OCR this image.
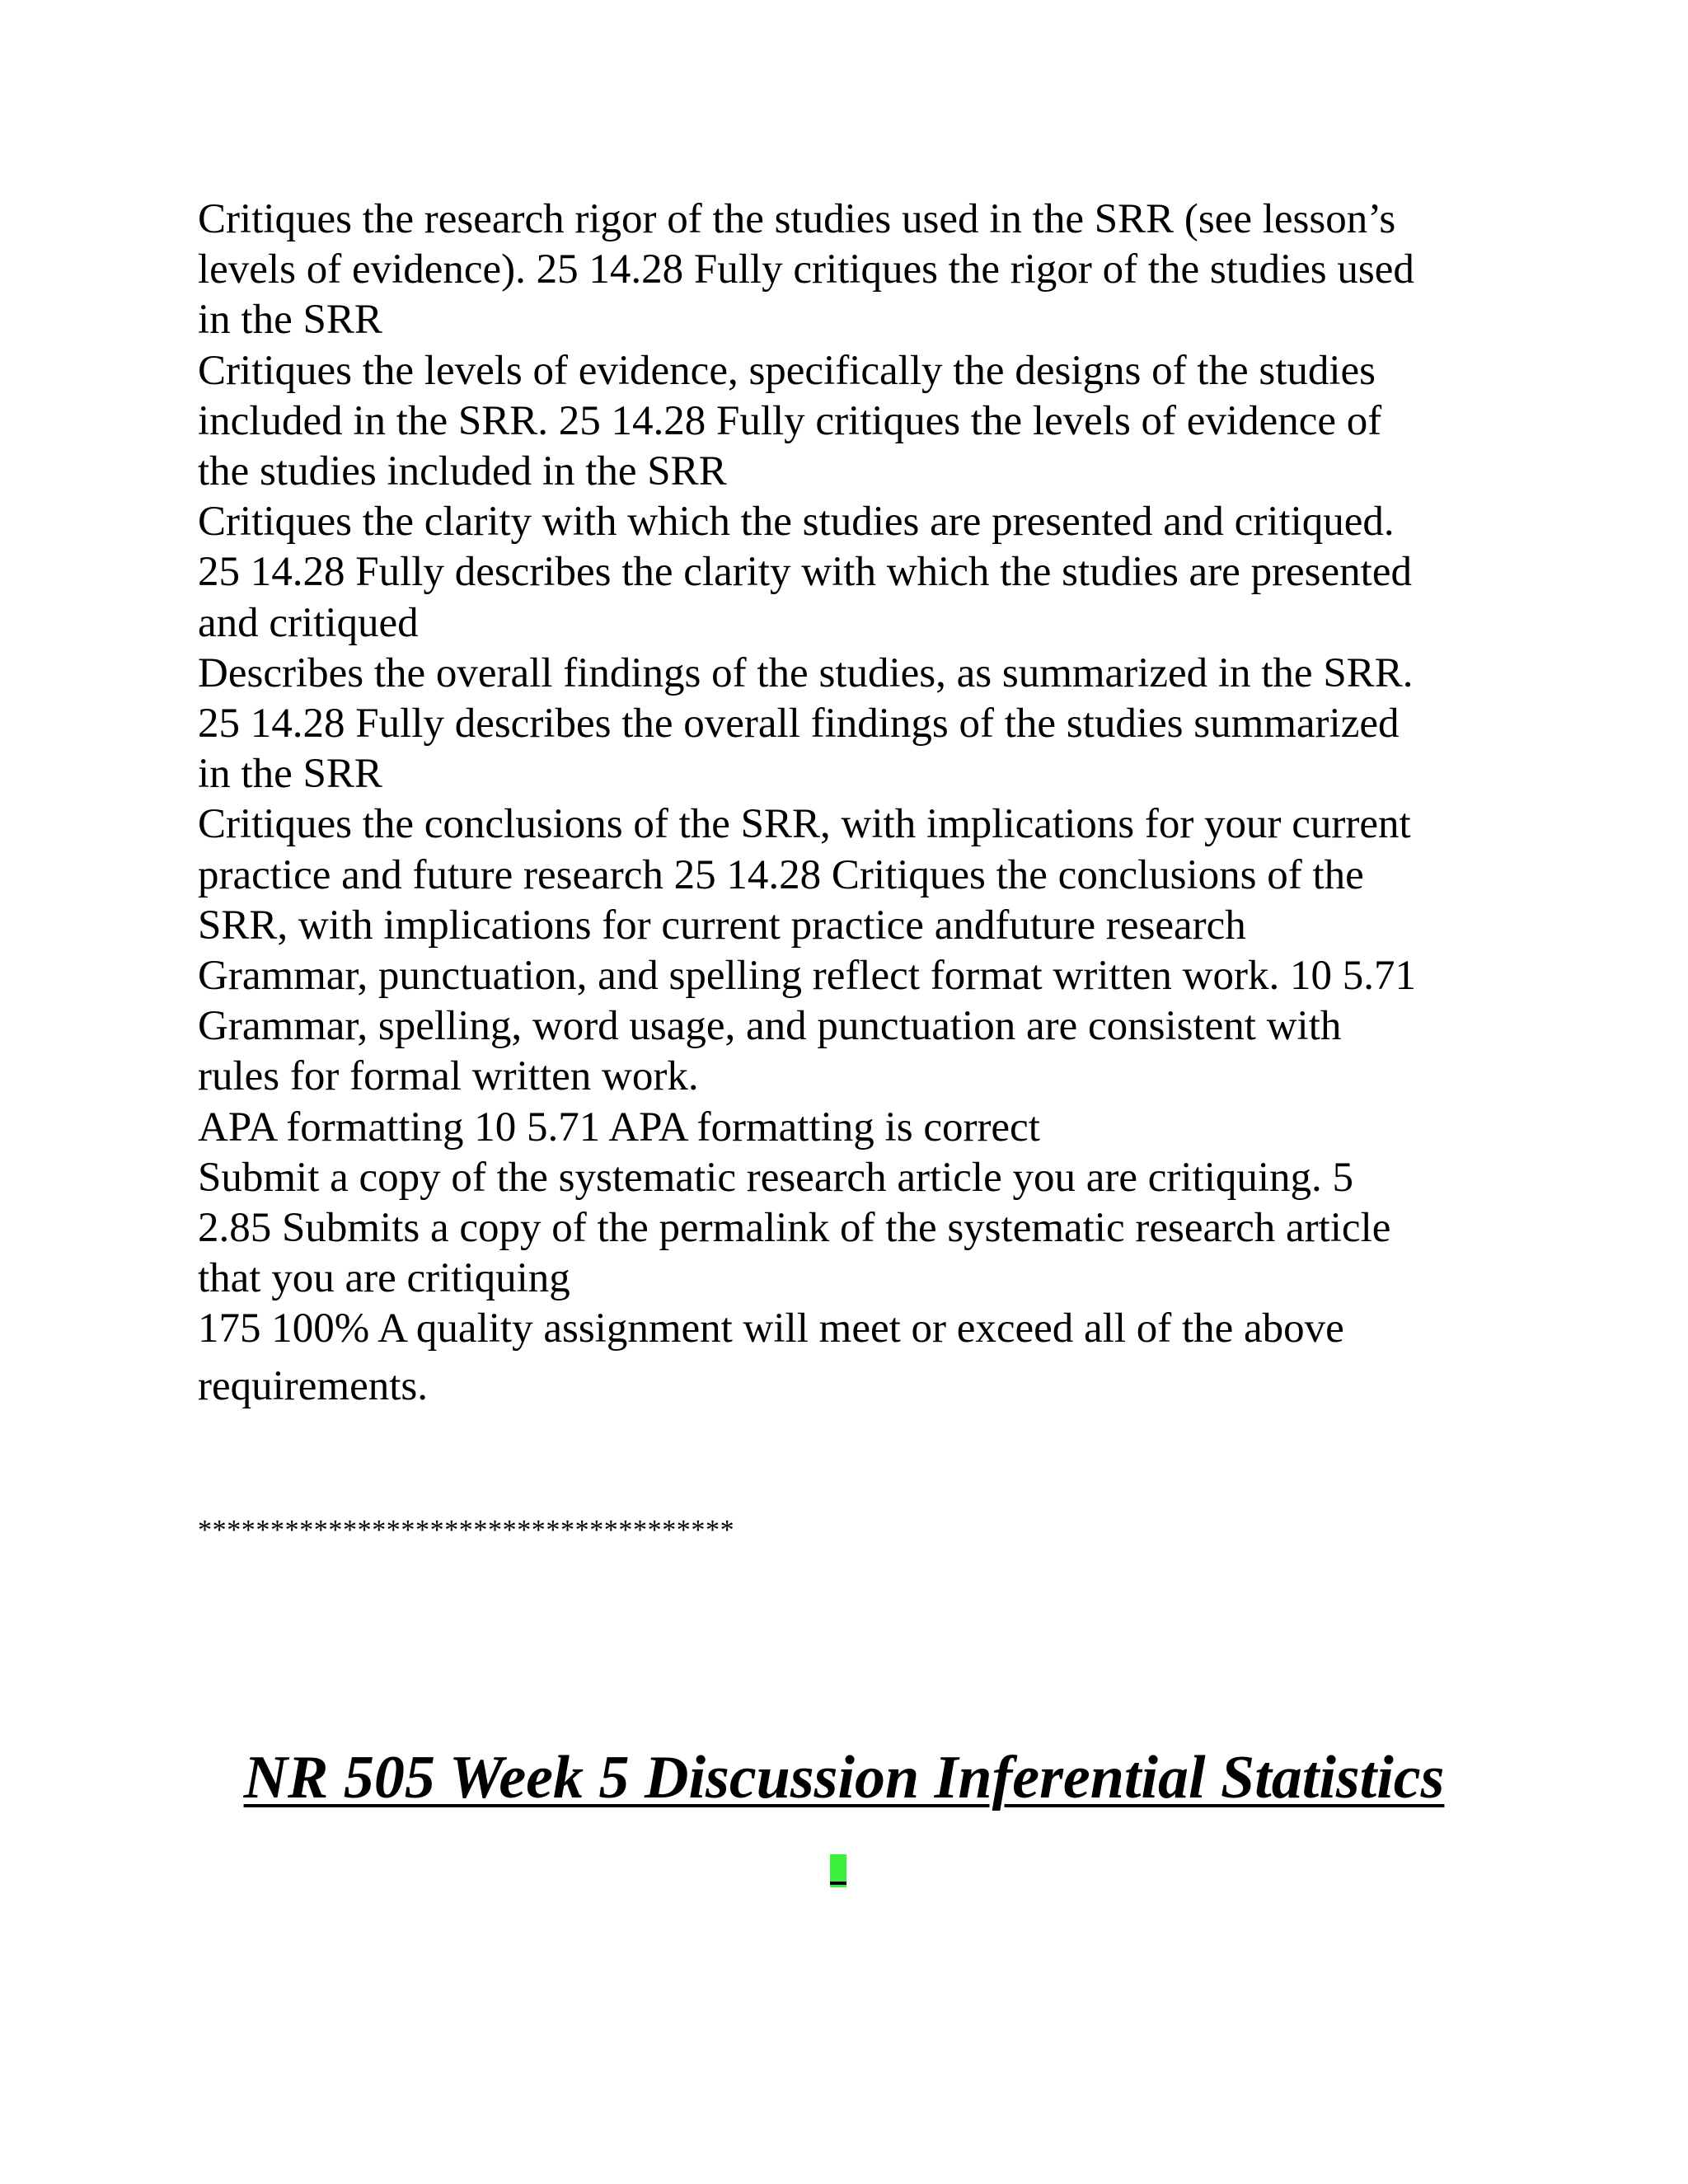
Critiques the research rigor of the studies used in the SRR (see lesson’s
levels of evidence). 25 14.28 Fully critiques the rigor of the studies used
in the SRR
Critiques the levels of evidence, specifically the designs of the studies
included in the SRR. 25 14.28 Fully critiques the levels of evidence of
the studies included in the SRR
Critiques the clarity with which the studies are presented and critiqued.
25 14.28 Fully describes the clarity with which the studies are presented
and critiqued
Describes the overall findings of the studies, as summarized in the SRR.
25 14.28 Fully describes the overall findings of the studies summarized
in the SRR
Critiques the conclusions of the SRR, with implications for your current
practice and future research 25 14.28 Critiques the conclusions of the
SRR, with implications for current practice andfuture research
Grammar, punctuation, and spelling reflect format written work. 10 5.71
Grammar, spelling, word usage, and punctuation are consistent with
rules for formal written work.
APA formatting 10 5.71 APA formatting is correct
Submit a copy of the systematic research article you are critiquing. 5
2.85 Submits a copy of the permalink of the systematic research article
that you are critiquing
175 100% A quality assignment will meet or exceed all of the above
requirements.
*************************************
NR 505 Week 5 Discussion Inferential Statistics
